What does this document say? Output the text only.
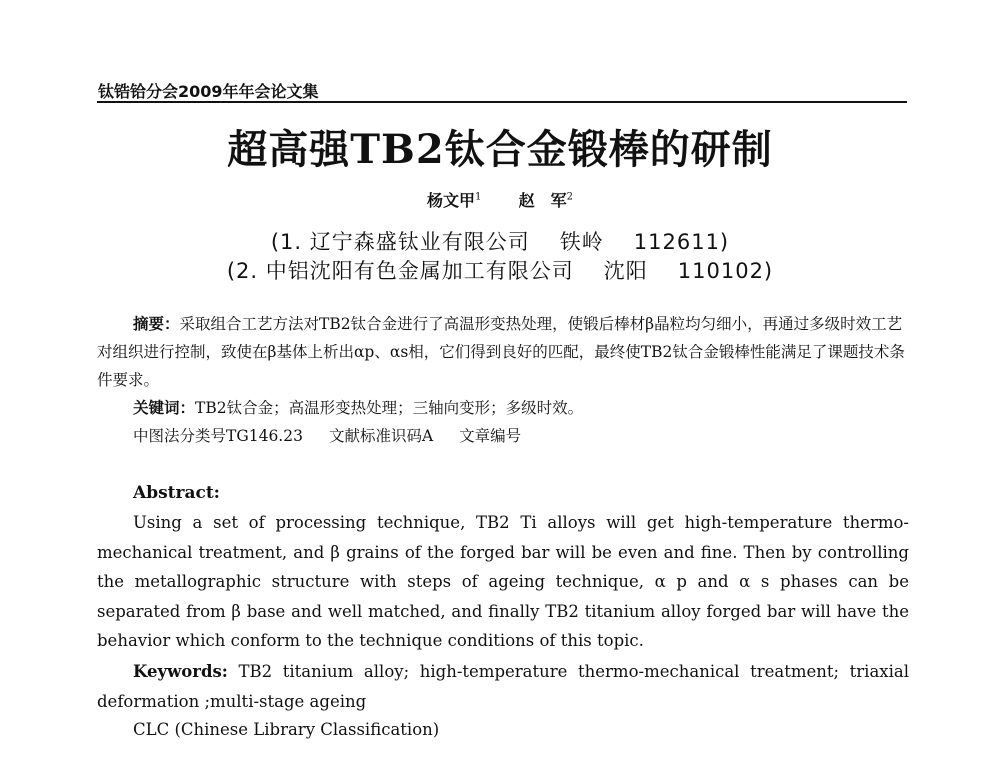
钛锆铪分会2009年年会论文集
超高强TB2钛合金锻棒的研制
杨文甲$^1$ 赵　军$^2$
(1. 辽宁森盛钛业有限公司 铁岭 112611)
(2. 中铝沈阳有色金属加工有限公司 沈阳 110102)
摘要：采取组合工艺方法对TB2钛合金进行了高温形变热处理，使锻后棒材β晶粒均匀细小，再通过多级时效工艺对组织进行控制，致使在β基体上析出αp、αs相，它们得到良好的匹配，最终使TB2钛合金锻棒性能满足了课题技术条件要求。
关键词：TB2钛合金；高温形变热处理；三轴向变形；多级时效。
中图法分类号TG146.23 文献标准识码A 文章编号
Abstract:
Using a set of processing technique, TB2 Ti alloys will get high-temperature thermo-mechanical treatment, and β grains of the forged bar will be even and fine. Then by controlling the metallographic structure with steps of ageing technique, α p and α s phases can be separated from β base and well matched, and finally TB2 titanium alloy forged bar will have the behavior which conform to the technique conditions of this topic.
Keywords: TB2 titanium alloy; high-temperature thermo-mechanical treatment; triaxial deformation ;multi-stage ageing
CLC (Chinese Library Classification)
